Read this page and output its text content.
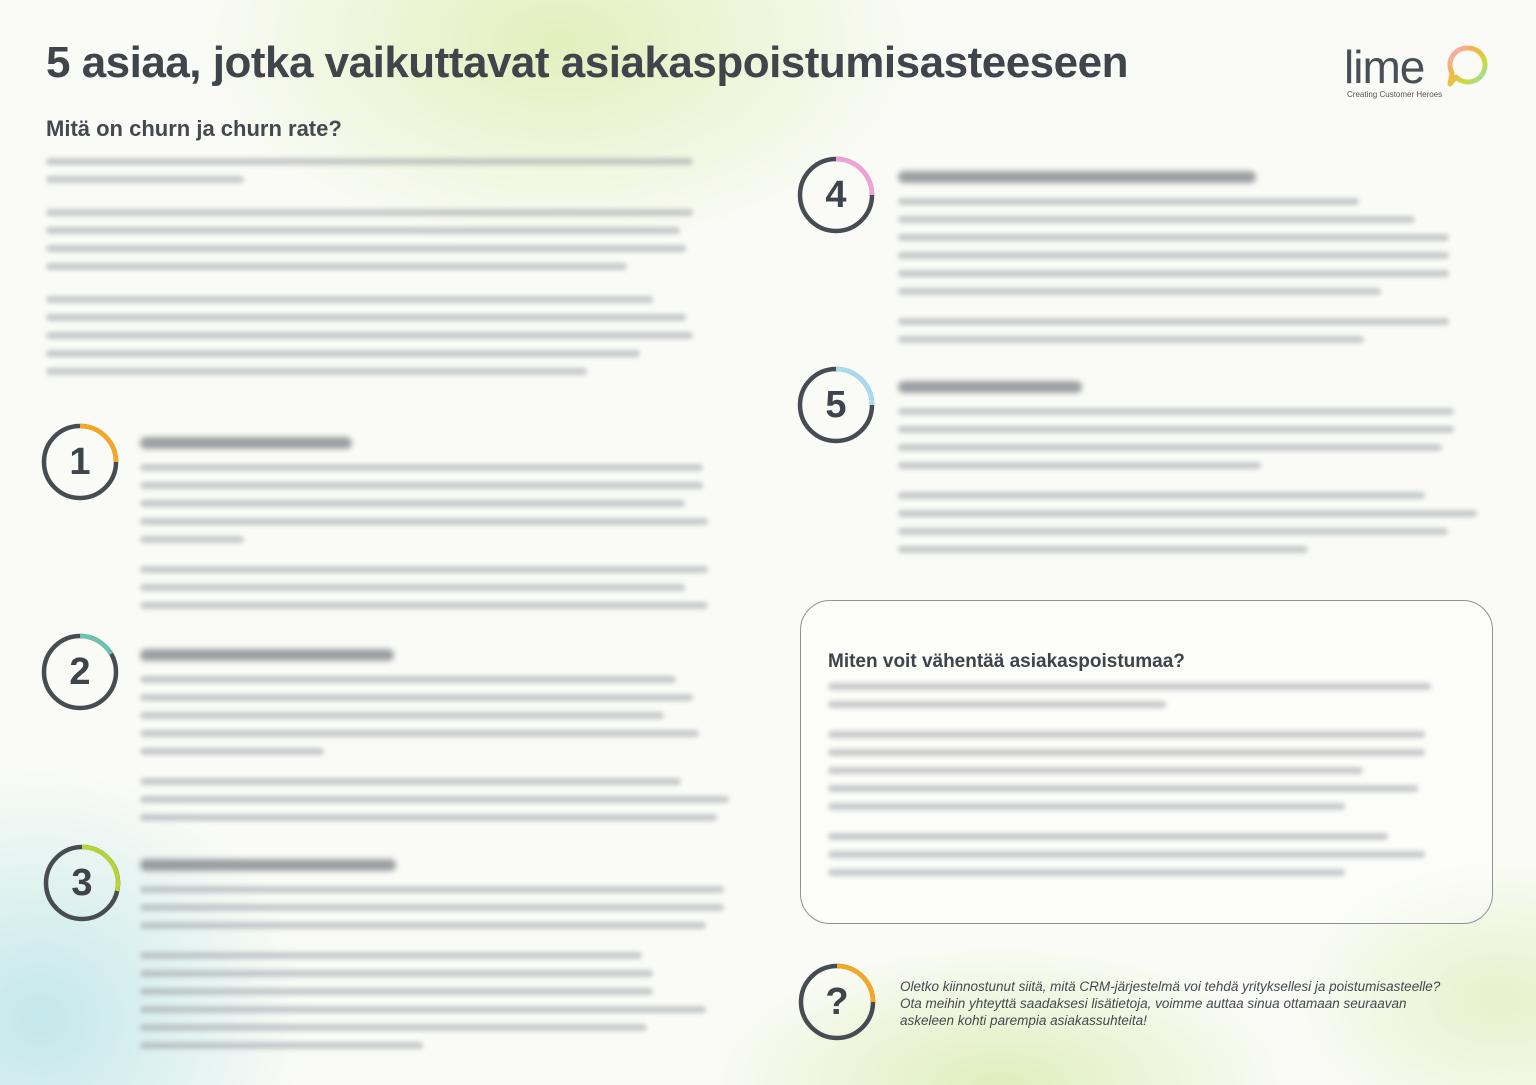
5 asiaa, jotka vaikuttavat asiakaspoistumisasteeseen	lime
Creating Customer Heroes
Mitä on churn ja churn rate?
1
2
3
4
5
Miten voit vähentää asiakaspoistumaa?
?	Oletko kiinnostunut siitä, mitä CRM-järjestelmä voi tehdä yrityksellesi ja poistumisasteelle? Ota meihin yhteyttä saadaksesi lisätietoja, voimme auttaa sinua ottamaan seuraavan askeleen kohti parempia asiakassuhteita!
